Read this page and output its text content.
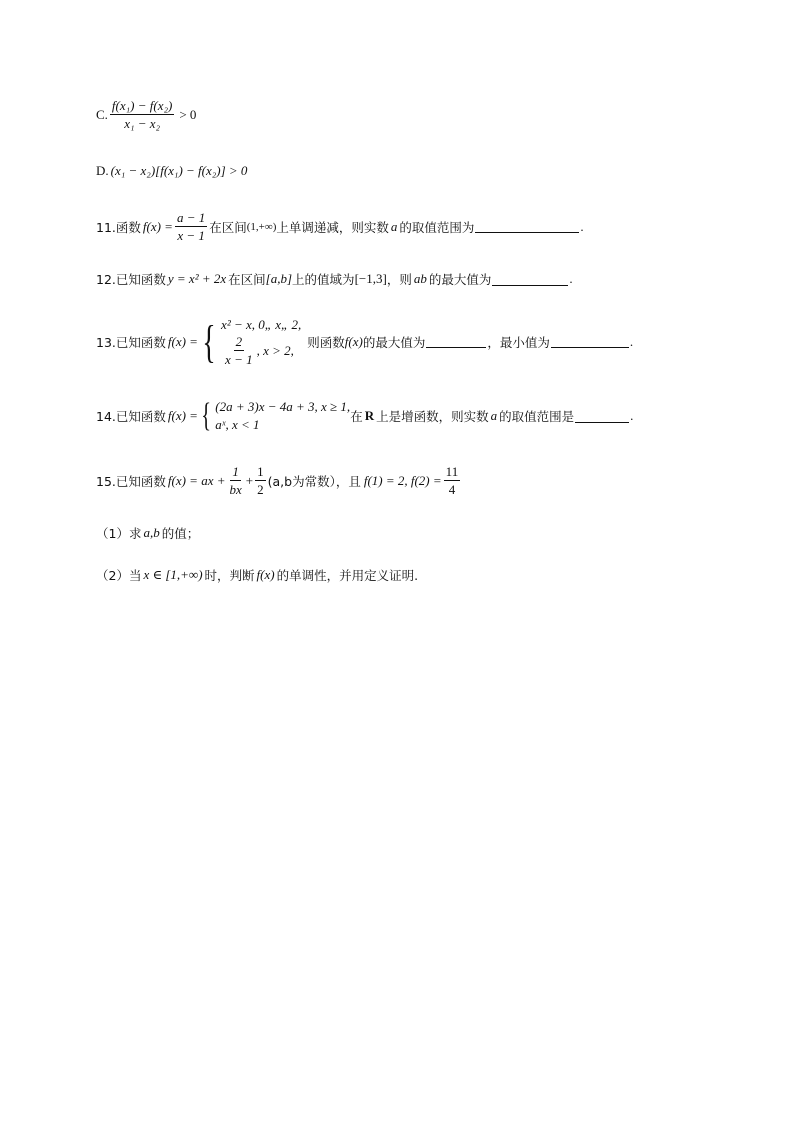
C. $\frac{\text{f(x₁) − f(x₂)}}{\text{x₁ − x₂}} > 0$
D. (x₁ − x₂)[f(x₁) − f(x₂)] > 0
11.函数 $f(x) = \frac{a - 1}{x - 1}$ 在区间 (1,+∞) 上单调递减，则实数 a 的取值范围为	.
12.已知函数 y = x² + 2x 在区间 [a,b] 上的值域为 [−1,3] ，则 ab 的最大值为	.
13.已知函数 f(x) = { x² − x, 0„ x„ 2,
$\frac{2}{x - 1}$ , x > 2,
则函数 f(x) 的最大值为	，最小值为	.
14.已知函数 f(x) = { (2a + 3)x − 4a + 3, x ≥ 1,
aˣ, x < 1
在 R 上是增函数，则实数 a 的取值范围是	.
15.已知函数 f(x) = ax + $\frac{1}{bx} + \frac{1}{2} (a,b$为常数），且 f(1) = 2, $f(2) = \frac{11}{4}$
（1）求 a,b 的值；
（2）当 x ∈ [1,+∞) 时，判断 f(x) 的单调性，并用定义证明.
